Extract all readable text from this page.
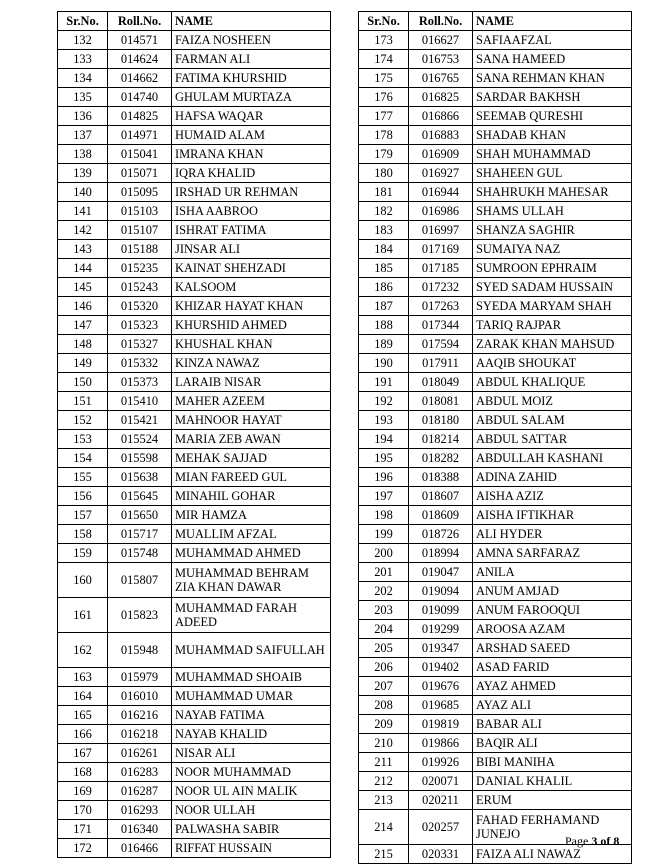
Sr.No.	Roll.No.	NAME
132	014571	FAIZA NOSHEEN
133	014624	FARMAN ALI
134	014662	FATIMA KHURSHID
135	014740	GHULAM MURTAZA
136	014825	HAFSA WAQAR
137	014971	HUMAID ALAM
138	015041	IMRANA KHAN
139	015071	IQRA KHALID
140	015095	IRSHAD UR REHMAN
141	015103	ISHA AABROO
142	015107	ISHRAT FATIMA
143	015188	JINSAR ALI
144	015235	KAINAT SHEHZADI
145	015243	KALSOOM
146	015320	KHIZAR HAYAT KHAN
147	015323	KHURSHID AHMED
148	015327	KHUSHAL KHAN
149	015332	KINZA NAWAZ
150	015373	LARAIB NISAR
151	015410	MAHER AZEEM
152	015421	MAHNOOR HAYAT
153	015524	MARIA ZEB AWAN
154	015598	MEHAK SAJJAD
155	015638	MIAN FAREED GUL
156	015645	MINAHIL GOHAR
157	015650	MIR HAMZA
158	015717	MUALLIM AFZAL
159	015748	MUHAMMAD AHMED
160	015807	MUHAMMAD BEHRAM ZIA KHAN DAWAR
161	015823	MUHAMMAD FARAH ADEED
162	015948	MUHAMMAD SAIFULLAH
163	015979	MUHAMMAD SHOAIB
164	016010	MUHAMMAD UMAR
165	016216	NAYAB FATIMA
166	016218	NAYAB KHALID
167	016261	NISAR ALI
168	016283	NOOR MUHAMMAD
169	016287	NOOR UL AIN MALIK
170	016293	NOOR ULLAH
171	016340	PALWASHA SABIR
172	016466	RIFFAT HUSSAIN
Sr.No.	Roll.No.	NAME
173	016627	SAFIAAFZAL
174	016753	SANA HAMEED
175	016765	SANA REHMAN KHAN
176	016825	SARDAR BAKHSH
177	016866	SEEMAB QURESHI
178	016883	SHADAB KHAN
179	016909	SHAH MUHAMMAD
180	016927	SHAHEEN GUL
181	016944	SHAHRUKH MAHESAR
182	016986	SHAMS ULLAH
183	016997	SHANZA SAGHIR
184	017169	SUMAIYA NAZ
185	017185	SUMROON EPHRAIM
186	017232	SYED SADAM HUSSAIN
187	017263	SYEDA MARYAM SHAH
188	017344	TARIQ RAJPAR
189	017594	ZARAK KHAN MAHSUD
190	017911	AAQIB SHOUKAT
191	018049	ABDUL KHALIQUE
192	018081	ABDUL MOIZ
193	018180	ABDUL SALAM
194	018214	ABDUL SATTAR
195	018282	ABDULLAH KASHANI
196	018388	ADINA ZAHID
197	018607	AISHA AZIZ
198	018609	AISHA IFTIKHAR
199	018726	ALI HYDER
200	018994	AMNA SARFARAZ
201	019047	ANILA
202	019094	ANUM AMJAD
203	019099	ANUM FAROOQUI
204	019299	AROOSA AZAM
205	019347	ARSHAD SAEED
206	019402	ASAD FARID
207	019676	AYAZ AHMED
208	019685	AYAZ ALI
209	019819	BABAR ALI
210	019866	BAQIR ALI
211	019926	BIBI MANIHA
212	020071	DANIAL KHALIL
213	020211	ERUM
214	020257	FAHAD FERHAMAND JUNEJO
215	020331	FAIZA ALI NAWAZ
Page 3 of 8
